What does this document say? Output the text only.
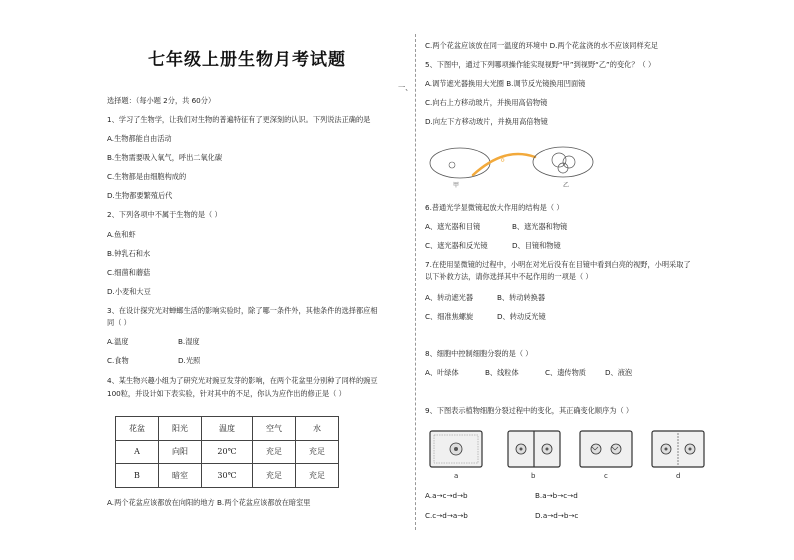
七年级上册生物月考试题
一、
选择题：（每小题 2分，共 60分）
1、学习了生物学，让我们对生物的普遍特征有了更深刻的认识。下列说法正确的是
A.生物都能自由活动
B.生物需要吸入氧气，呼出二氧化碳
C.生物都是由细胞构成的
D.生物都要繁殖后代
2、下列各项中不属于生物的是（ ）
A.鱼和虾
B.钟乳石和水
C.细菌和蘑菇
D.小麦和大豆
3、在设计探究光对蝉螂生活的影响实验时，除了哪一条件外，其他条件的选择都应相
同（ ）
A.温度	B.湿度
C.食物	D.光照
4、某生物兴趣小组为了研究光对豌豆发芽的影响，在两个花盆里分别种了同样的豌豆
100粒，并设计如下表实验，针对其中的不足，你认为应作出的修正是（ ）
花盆	阳光	温度	空气	水
A	向阳	20℃	充足	充足
B	暗室	30℃	充足	充足
A.两个花盆应该都放在向阳的地方 B.两个花盆应该都放在暗室里
C.两个花盆应该放在同一温度的环境中 D.两个花盆浇的水不应该同样充足
5、下图中，通过下列哪项操作能实现视野“甲”到视野“乙”的变化？（ ）
A.调节遮光器换用大光圈 B.调节反光镜换用凹面镜
C.向右上方移动玻片，并换用高倍物镜
D.向左下方移动玻片，并换用高倍物镜
ᐤ
甲	乙
6.普通光学显微镜起放大作用的结构是（ ）
A、遮光器和目镜	B、遮光器和物镜
C、遮光器和反光镜	D、目镜和物镜
7.在使用显微镜的过程中，小明在对光后没有在目镜中看到白亮的视野，小明采取了
以下补救方法，请你选择其中不起作用的一项是（ ）
A、转动遮光器	B、转动转换器
C、细准焦螺旋	D、转动反光镜
8、细胞中控制细胞分裂的是（ ）
A、叶绿体	B、线粒体	C、遗传物质	D、液泡
9、下图表示植物细胞分裂过程中的变化，其正确变化顺序为（ ）
a	b	c	d
A.a→c→d→b	B.a→b→c→d
C.c→d→a→b	D.a→d→b→c
